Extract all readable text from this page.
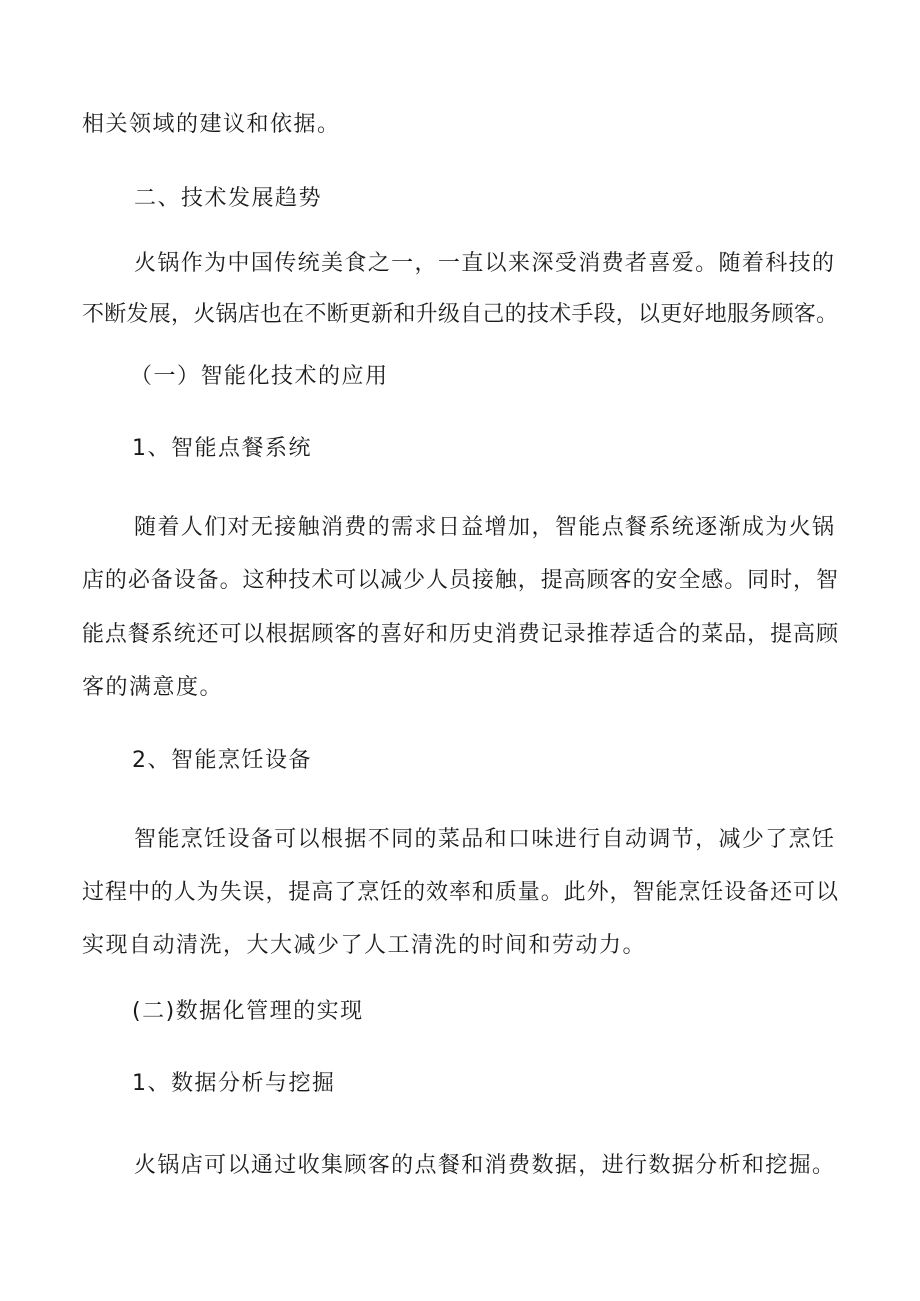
相关领域的建议和依据。
二、技术发展趋势
火锅作为中国传统美食之一，一直以来深受消费者喜爱。随着科技的
不断发展，火锅店也在不断更新和升级自己的技术手段，以更好地服务顾客。
（一）智能化技术的应用
1、智能点餐系统
随着人们对无接触消费的需求日益增加，智能点餐系统逐渐成为火锅
店的必备设备。这种技术可以减少人员接触，提高顾客的安全感。同时，智
能点餐系统还可以根据顾客的喜好和历史消费记录推荐适合的菜品，提高顾
客的满意度。
2、智能烹饪设备
智能烹饪设备可以根据不同的菜品和口味进行自动调节，减少了烹饪
过程中的人为失误，提高了烹饪的效率和质量。此外，智能烹饪设备还可以
实现自动清洗，大大减少了人工清洗的时间和劳动力。
(二)数据化管理的实现
1、数据分析与挖掘
火锅店可以通过收集顾客的点餐和消费数据，进行数据分析和挖掘。
